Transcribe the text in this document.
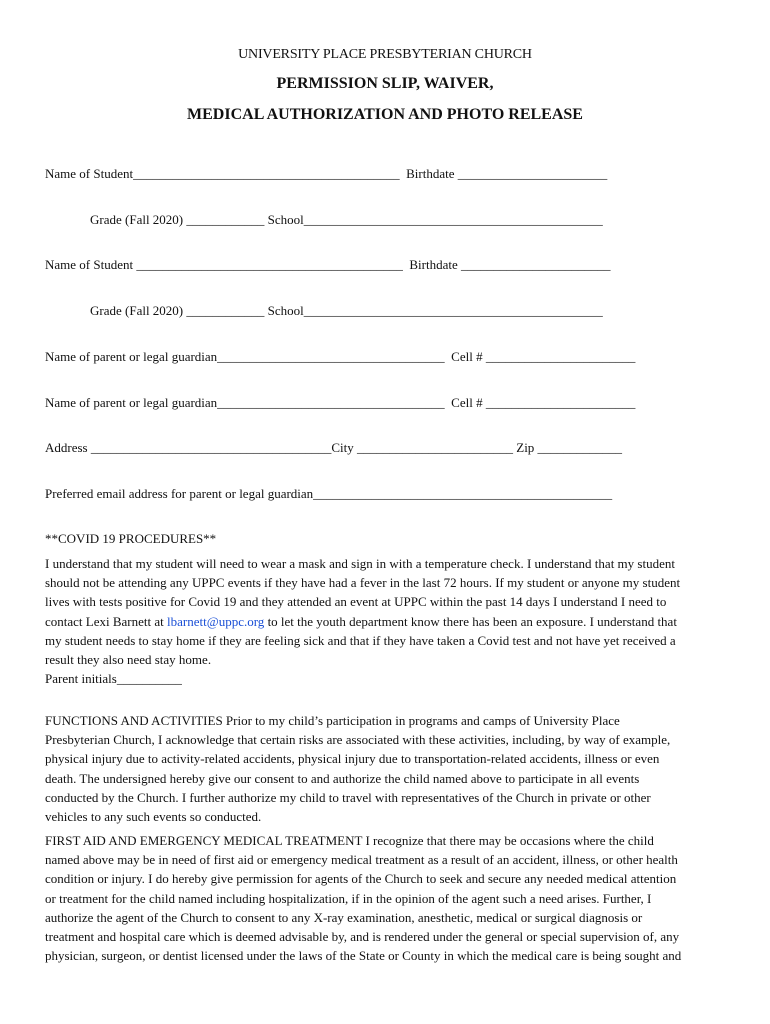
UNIVERSITY PLACE PRESBYTERIAN CHURCH
PERMISSION SLIP, WAIVER,
MEDICAL AUTHORIZATION AND PHOTO RELEASE
Name of Student_________________________________________  Birthdate _______________________
Grade (Fall 2020) ____________ School______________________________________________
Name of Student _________________________________________  Birthdate _______________________
Grade (Fall 2020) ____________ School______________________________________________
Name of parent or legal guardian___________________________________  Cell # _______________________
Name of parent or legal guardian___________________________________  Cell # _______________________
Address _____________________________________City ________________________ Zip _____________
Preferred email address for parent or legal guardian______________________________________________
**COVID 19 PROCEDURES**
I understand that my student will need to wear a mask and sign in with a temperature check. I understand that my student
should not be attending any UPPC events if they have had a fever in the last 72 hours. If my student or anyone my student
lives with tests positive for Covid 19 and they attended an event at UPPC within the past 14 days I understand I need to
contact Lexi Barnett at lbarnett@uppc.org to let the youth department know there has been an exposure. I understand that
my student needs to stay home if they are feeling sick and that if they have taken a Covid test and not have yet received a
result they also need stay home.
Parent initials__________
FUNCTIONS AND ACTIVITIES Prior to my child’s participation in programs and camps of University Place
Presbyterian Church, I acknowledge that certain risks are associated with these activities, including, by way of example,
physical injury due to activity-related accidents, physical injury due to transportation-related accidents, illness or even
death. The undersigned hereby give our consent to and authorize the child named above to participate in all events
conducted by the Church. I further authorize my child to travel with representatives of the Church in private or other
vehicles to any such events so conducted.
FIRST AID AND EMERGENCY MEDICAL TREATMENT I recognize that there may be occasions where the child
named above may be in need of first aid or emergency medical treatment as a result of an accident, illness, or other health
condition or injury. I do hereby give permission for agents of the Church to seek and secure any needed medical attention
or treatment for the child named including hospitalization, if in the opinion of the agent such a need arises. Further, I
authorize the agent of the Church to consent to any X-ray examination, anesthetic, medical or surgical diagnosis or
treatment and hospital care which is deemed advisable by, and is rendered under the general or special supervision of, any
physician, surgeon, or dentist licensed under the laws of the State or County in which the medical care is being sought and
